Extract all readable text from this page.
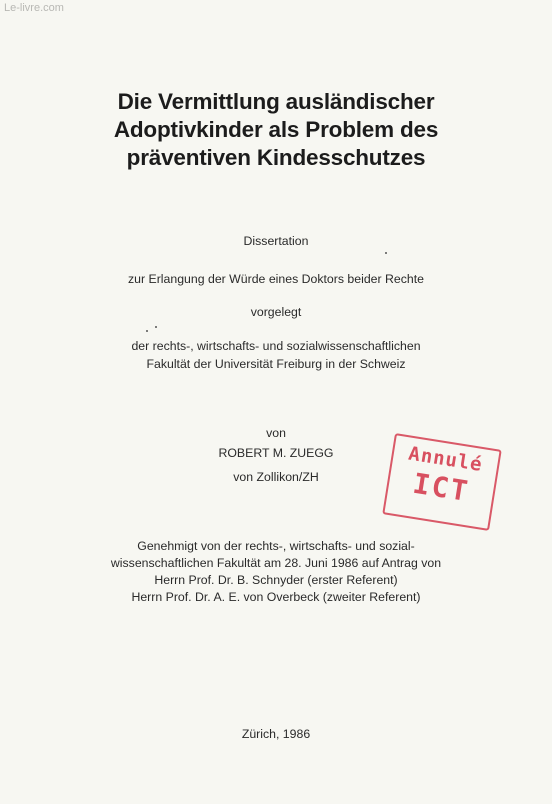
Le-livre.com
Die Vermittlung ausländischer
Adoptivkinder als Problem des
präventiven Kindesschutzes
Dissertation
zur Erlangung der Würde eines Doktors beider Rechte
vorgelegt
der rechts-, wirtschafts- und sozialwissenschaftlichen
Fakultät der Universität Freiburg in der Schweiz
von
ROBERT M. ZUEGG
von Zollikon/ZH
Genehmigt von der rechts-, wirtschafts- und sozial-
wissenschaftlichen Fakultät am 28. Juni 1986 auf Antrag von
Herrn Prof. Dr. B. Schnyder (erster Referent)
Herrn Prof. Dr. A. E. von Overbeck (zweiter Referent)
Zürich, 1986
Annulé
ICT
